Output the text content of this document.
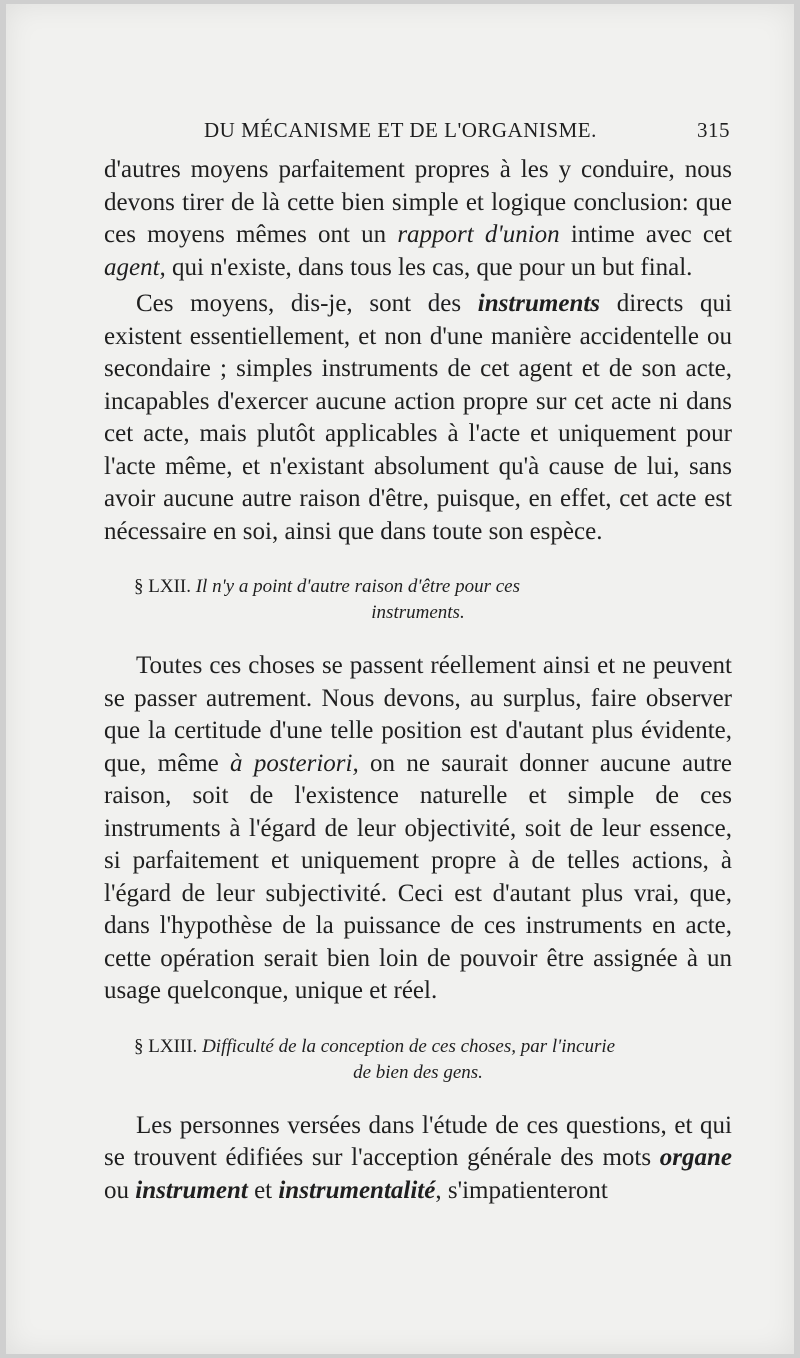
DU MÉCANISME ET DE L'ORGANISME.	315

d'autres moyens parfaitement propres à les y conduire, nous devons tirer de là cette bien simple et logique conclusion: que ces moyens mêmes ont un rapport d'union intime avec cet agent, qui n'existe, dans tous les cas, que pour un but final.

Ces moyens, dis-je, sont des instruments directs qui existent essentiellement, et non d'une manière accidentelle ou secondaire ; simples instruments de cet agent et de son acte, incapables d'exercer aucune action propre sur cet acte ni dans cet acte, mais plutôt applicables à l'acte et uniquement pour l'acte même, et n'existant absolument qu'à cause de lui, sans avoir aucune autre raison d'être, puisque, en effet, cet acte est nécessaire en soi, ainsi que dans toute son espèce.

§ LXII. Il n'y a point d'autre raison d'être pour ces
instruments.

Toutes ces choses se passent réellement ainsi et ne peuvent se passer autrement. Nous devons, au surplus, faire observer que la certitude d'une telle position est d'autant plus évidente, que, même à posteriori, on ne saurait donner aucune autre raison, soit de l'existence naturelle et simple de ces instruments à l'égard de leur objectivité, soit de leur essence, si parfaitement et uniquement propre à de telles actions, à l'égard de leur subjectivité. Ceci est d'autant plus vrai, que, dans l'hypothèse de la puissance de ces instruments en acte, cette opération serait bien loin de pouvoir être assignée à un usage quelconque, unique et réel.

§ LXIII. Difficulté de la conception de ces choses, par l'incurie
de bien des gens.

Les personnes versées dans l'étude de ces questions, et qui se trouvent édifiées sur l'acception générale des mots organe ou instrument et instrumentalité, s'impatienteront
